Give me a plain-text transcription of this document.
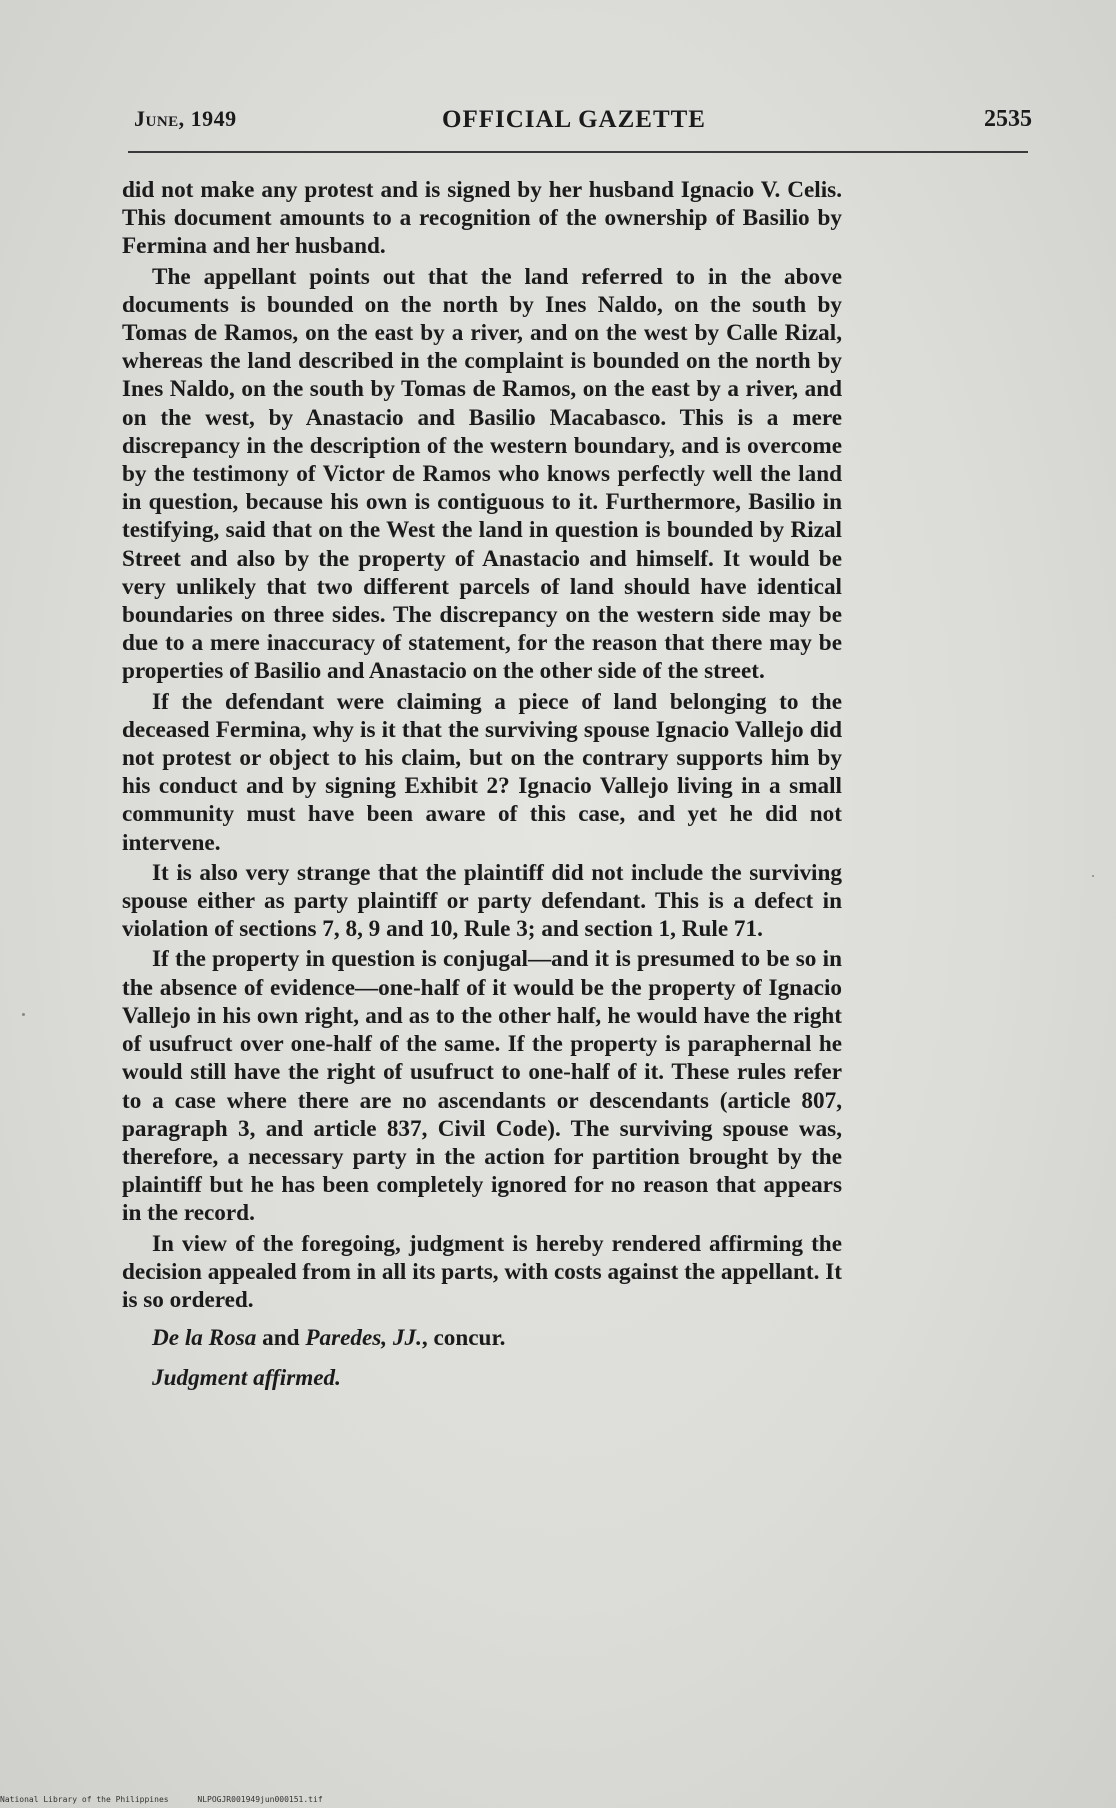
June, 1949	OFFICIAL GAZETTE	2535

did not make any protest and is signed by her husband Ignacio V. Celis. This document amounts to a recognition of the ownership of Basilio by Fermina and her husband.

The appellant points out that the land referred to in the above documents is bounded on the north by Ines Naldo, on the south by Tomas de Ramos, on the east by a river, and on the west by Calle Rizal, whereas the land described in the complaint is bounded on the north by Ines Naldo, on the south by Tomas de Ramos, on the east by a river, and on the west, by Anastacio and Basilio Macabasco. This is a mere discrepancy in the description of the western boundary, and is overcome by the testimony of Victor de Ramos who knows perfectly well the land in question, because his own is contiguous to it. Furthermore, Basilio in testifying, said that on the West the land in question is bounded by Rizal Street and also by the property of Anastacio and himself. It would be very unlikely that two different parcels of land should have identical boundaries on three sides. The discrepancy on the western side may be due to a mere inaccuracy of statement, for the reason that there may be properties of Basilio and Anastacio on the other side of the street.

If the defendant were claiming a piece of land belonging to the deceased Fermina, why is it that the surviving spouse Ignacio Vallejo did not protest or object to his claim, but on the contrary supports him by his conduct and by signing Exhibit 2? Ignacio Vallejo living in a small community must have been aware of this case, and yet he did not intervene.

It is also very strange that the plaintiff did not include the surviving spouse either as party plaintiff or party defendant. This is a defect in violation of sections 7, 8, 9 and 10, Rule 3; and section 1, Rule 71.

If the property in question is conjugal—and it is presumed to be so in the absence of evidence—one-half of it would be the property of Ignacio Vallejo in his own right, and as to the other half, he would have the right of usufruct over one-half of the same. If the property is paraphernal he would still have the right of usufruct to one-half of it. These rules refer to a case where there are no ascendants or descendants (article 807, paragraph 3, and article 837, Civil Code). The surviving spouse was, therefore, a necessary party in the action for partition brought by the plaintiff but he has been completely ignored for no reason that appears in the record.

In view of the foregoing, judgment is hereby rendered affirming the decision appealed from in all its parts, with costs against the appellant. It is so ordered.

De la Rosa and Paredes, JJ., concur.

Judgment affirmed.

National Library of the Philippines	NLPOGJR001949jun000151.tif
